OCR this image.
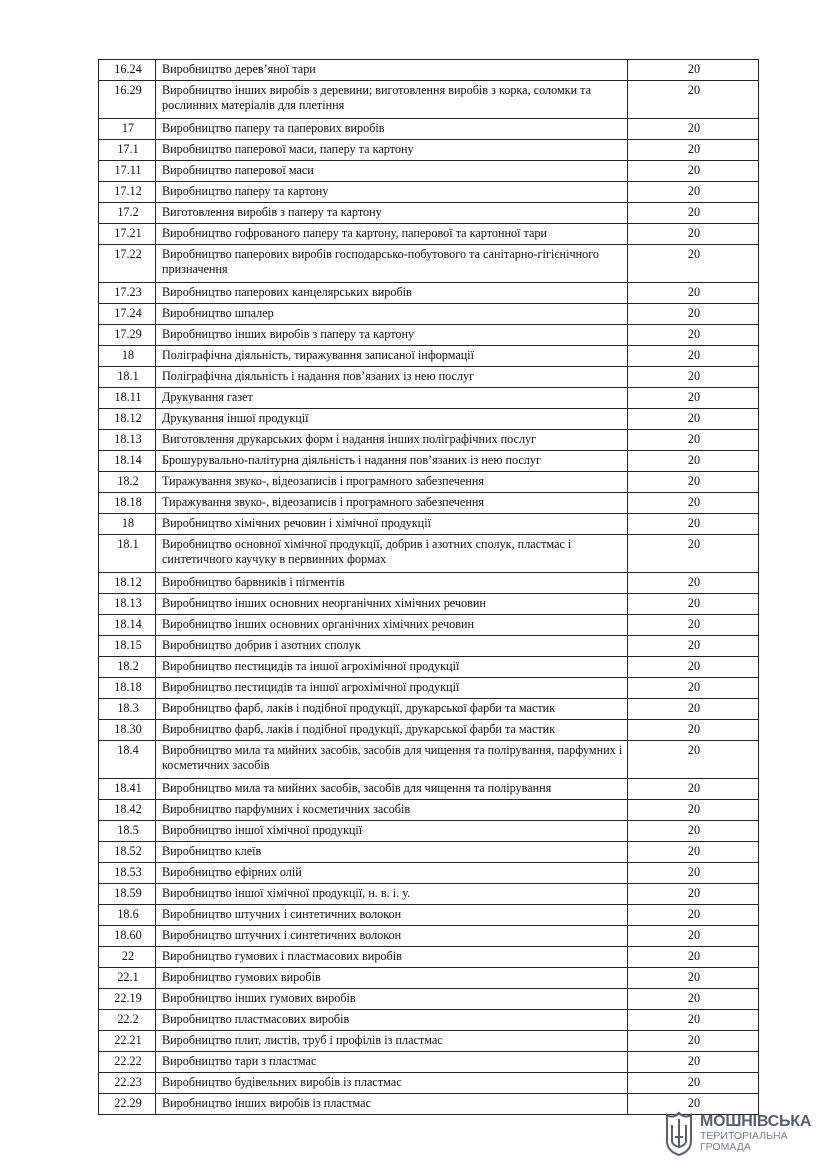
16.24	Виробництво дерев’яної тари	20
16.29	Виробництво інших виробів з деревини; виготовлення виробів з корка, соломки та рослинних матеріалів для плетіння	20
17	Виробництво паперу та паперових виробів	20
17.1	Виробництво паперової маси, паперу та картону	20
17.11	Виробництво паперової маси	20
17.12	Виробництво паперу та картону	20
17.2	Виготовлення виробів з паперу та картону	20
17.21	Виробництво гофрованого паперу та картону, паперової та картонної тари	20
17.22	Виробництво паперових виробів господарсько-побутового та санітарно-гігієнічного призначення	20
17.23	Виробництво паперових канцелярських виробів	20
17.24	Виробництво шпалер	20
17.29	Виробництво інших виробів з паперу та картону	20
18	Поліграфічна діяльність, тиражування записаної інформації	20
18.1	Поліграфічна діяльність і надання пов’язаних із нею послуг	20
18.11	Друкування газет	20
18.12	Друкування іншої продукції	20
18.13	Виготовлення друкарських форм і надання інших поліграфічних послуг	20
18.14	Брошурувально-палітурна діяльність і надання пов’язаних із нею послуг	20
18.2	Тиражування звуко-, відеозаписів і програмного забезпечення	20
18.18	Тиражування звуко-, відеозаписів і програмного забезпечення	20
18	Виробництво хімічних речовин і хімічної продукції	20
18.1	Виробництво основної хімічної продукції, добрив і азотних сполук, пластмас і синтетичного каучуку в первинних формах	20
18.12	Виробництво барвників і пігментів	20
18.13	Виробництво інших основних неорганічних хімічних речовин	20
18.14	Виробництво інших основних органічних хімічних речовин	20
18.15	Виробництво добрив і азотних сполук	20
18.2	Виробництво пестицидів та іншої агрохімічної продукції	20
18.18	Виробництво пестицидів та іншої агрохімічної продукції	20
18.3	Виробництво фарб, лаків і подібної продукції, друкарської фарби та мастик	20
18.30	Виробництво фарб, лаків і подібної продукції, друкарської фарби та мастик	20
18.4	Виробництво мила та мийних засобів, засобів для чищення та полірування, парфумних і косметичних засобів	20
18.41	Виробництво мила та мийних засобів, засобів для чищення та полірування	20
18.42	Виробництво парфумних і косметичних засобів	20
18.5	Виробництво іншої хімічної продукції	20
18.52	Виробництво клеїв	20
18.53	Виробництво ефірних олій	20
18.59	Виробництво іншої хімічної продукції, н. в. і. у.	20
18.6	Виробництво штучних і синтетичних волокон	20
18.60	Виробництво штучних і синтетичних волокон	20
22	Виробництво гумових і пластмасових виробів	20
22.1	Виробництво гумових виробів	20
22.19	Виробництво інших гумових виробів	20
22.2	Виробництво пластмасових виробів	20
22.21	Виробництво плит, листів, труб і профілів із пластмас	20
22.22	Виробництво тари з пластмас	20
22.23	Виробництво будівельних виробів із пластмас	20
22.29	Виробництво інших виробів із пластмас	20
МОШНІВСЬКА
ТЕРИТОРІАЛЬНА
ГРОМАДА
